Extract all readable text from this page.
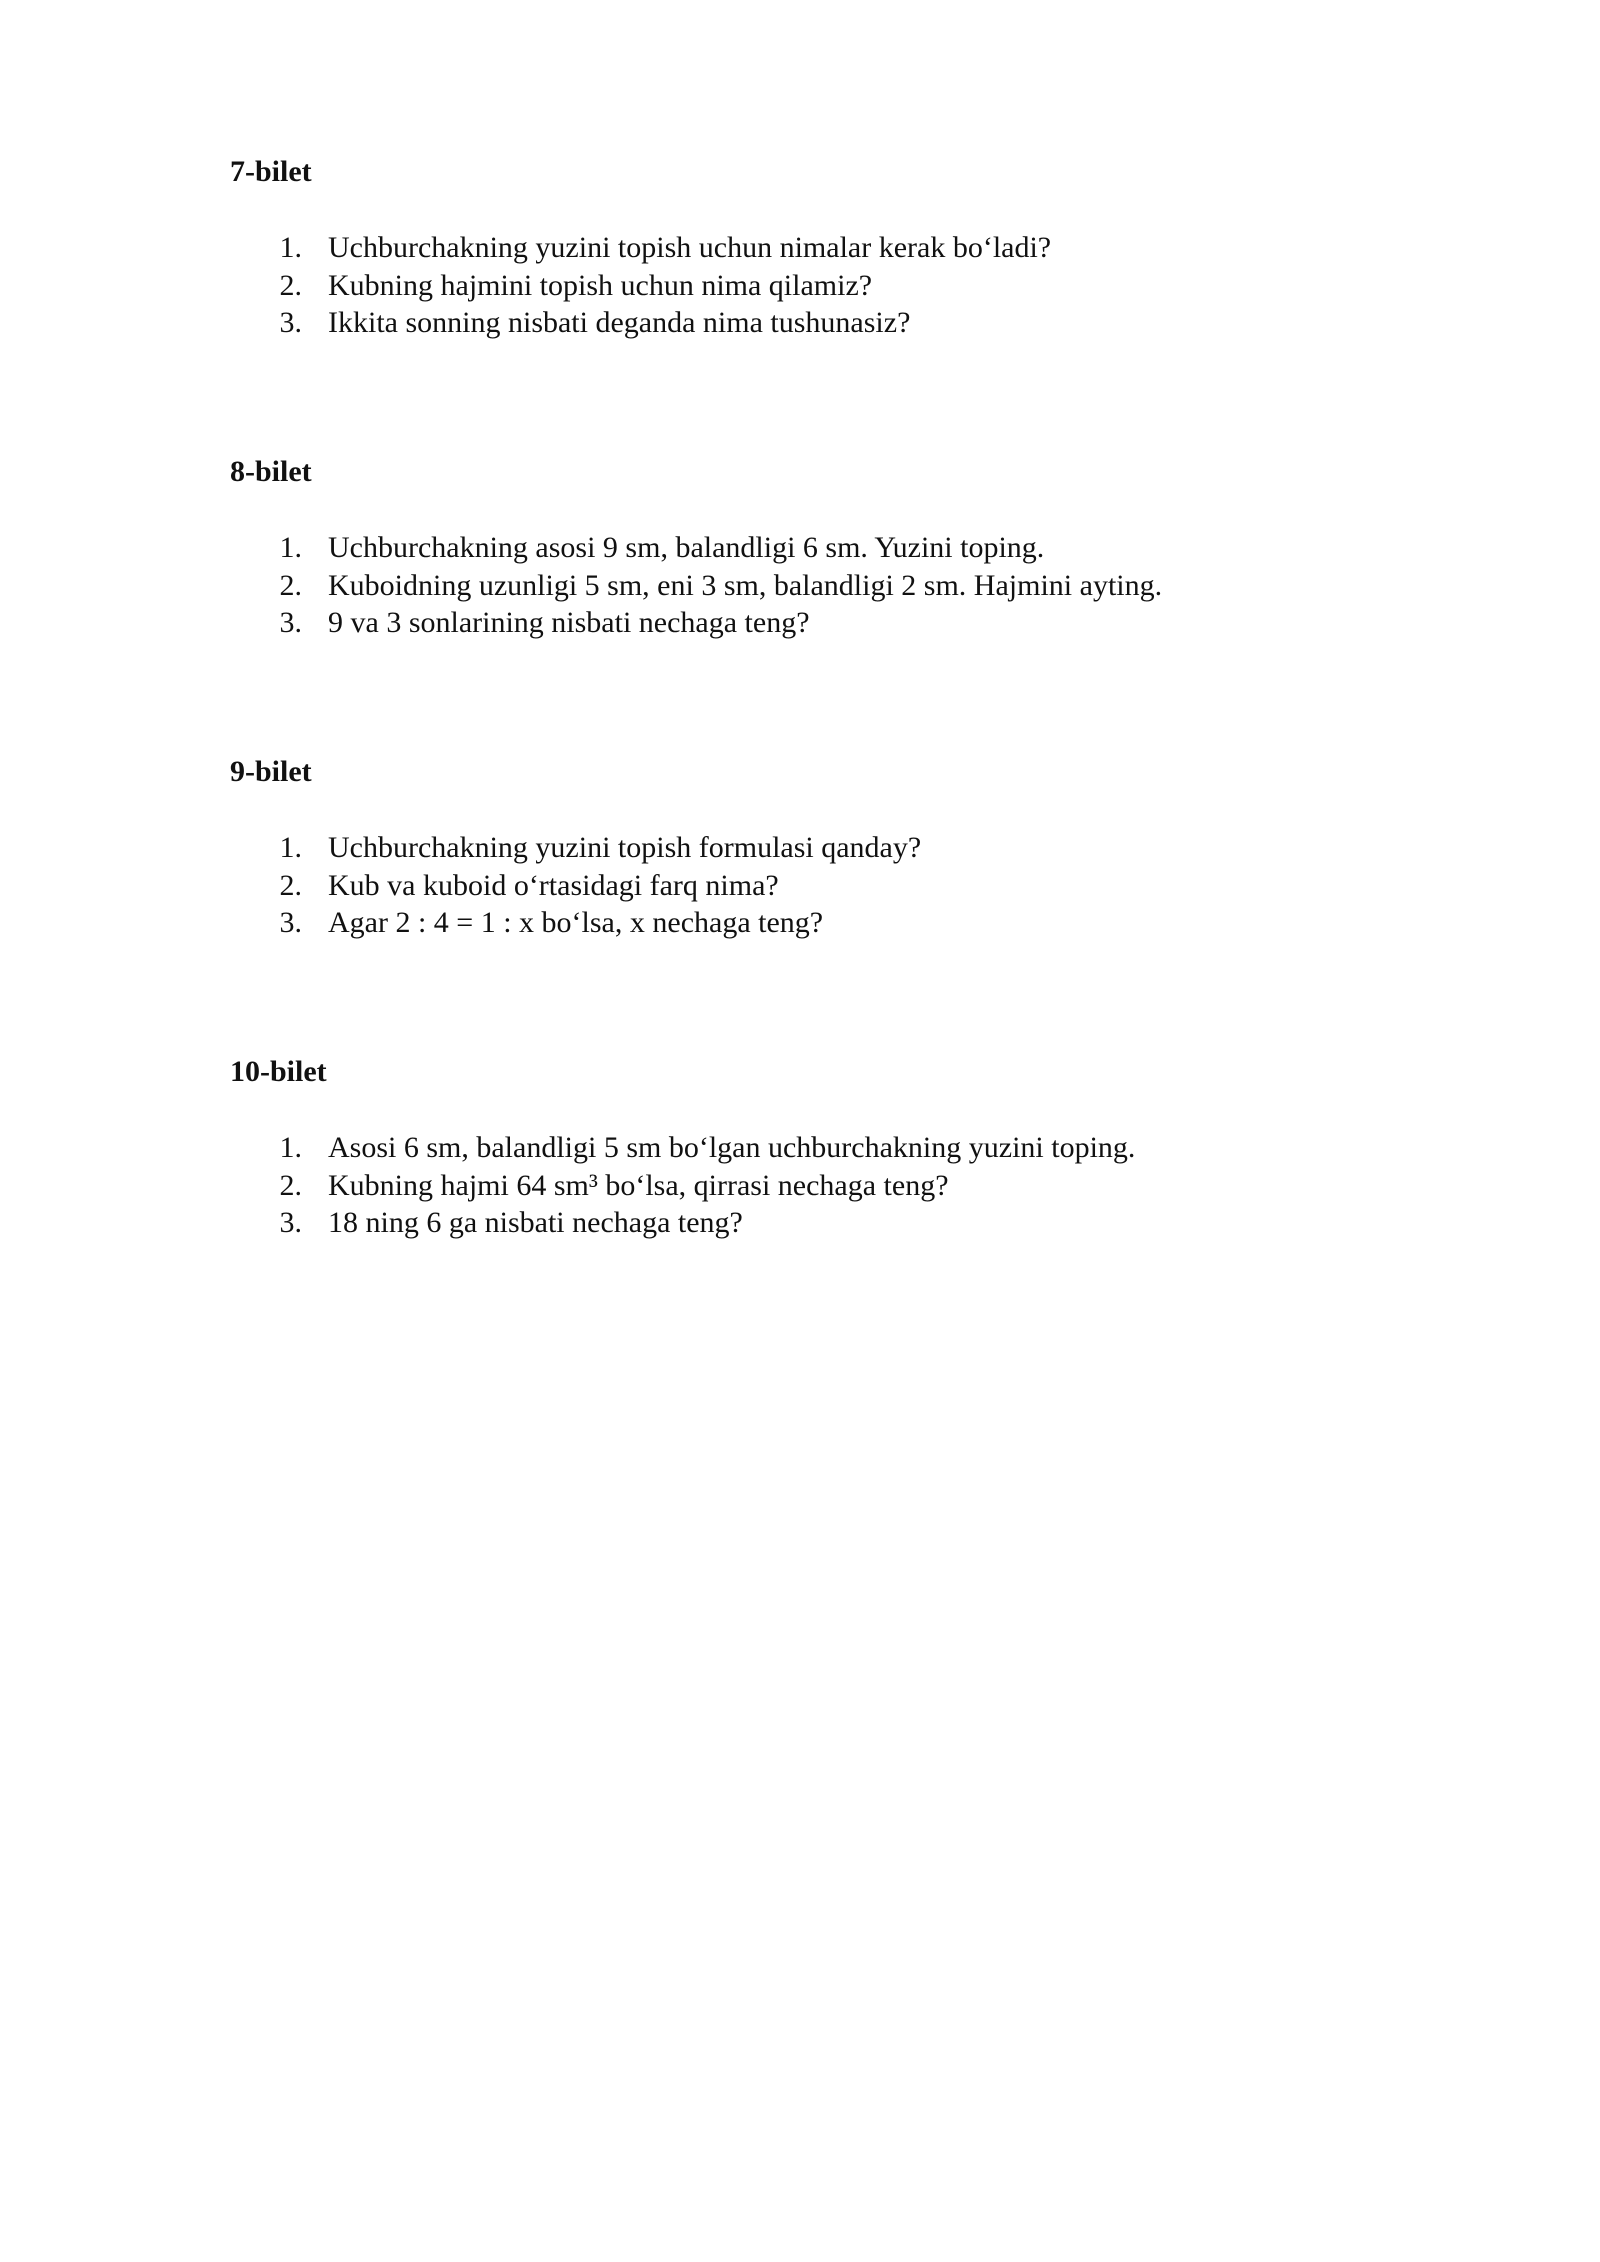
7-bilet
1. Uchburchakning yuzini topish uchun nimalar kerak bo‘ladi?
2. Kubning hajmini topish uchun nima qilamiz?
3. Ikkita sonning nisbati deganda nima tushunasiz?
8-bilet
1. Uchburchakning asosi 9 sm, balandligi 6 sm. Yuzini toping.
2. Kuboidning uzunligi 5 sm, eni 3 sm, balandligi 2 sm. Hajmini ayting.
3. 9 va 3 sonlarining nisbati nechaga teng?
9-bilet
1. Uchburchakning yuzini topish formulasi qanday?
2. Kub va kuboid o‘rtasidagi farq nima?
3. Agar 2 : 4 = 1 : x bo‘lsa, x nechaga teng?
10-bilet
1. Asosi 6 sm, balandligi 5 sm bo‘lgan uchburchakning yuzini toping.
2. Kubning hajmi 64 sm³ bo‘lsa, qirrasi nechaga teng?
3. 18 ning 6 ga nisbati nechaga teng?
